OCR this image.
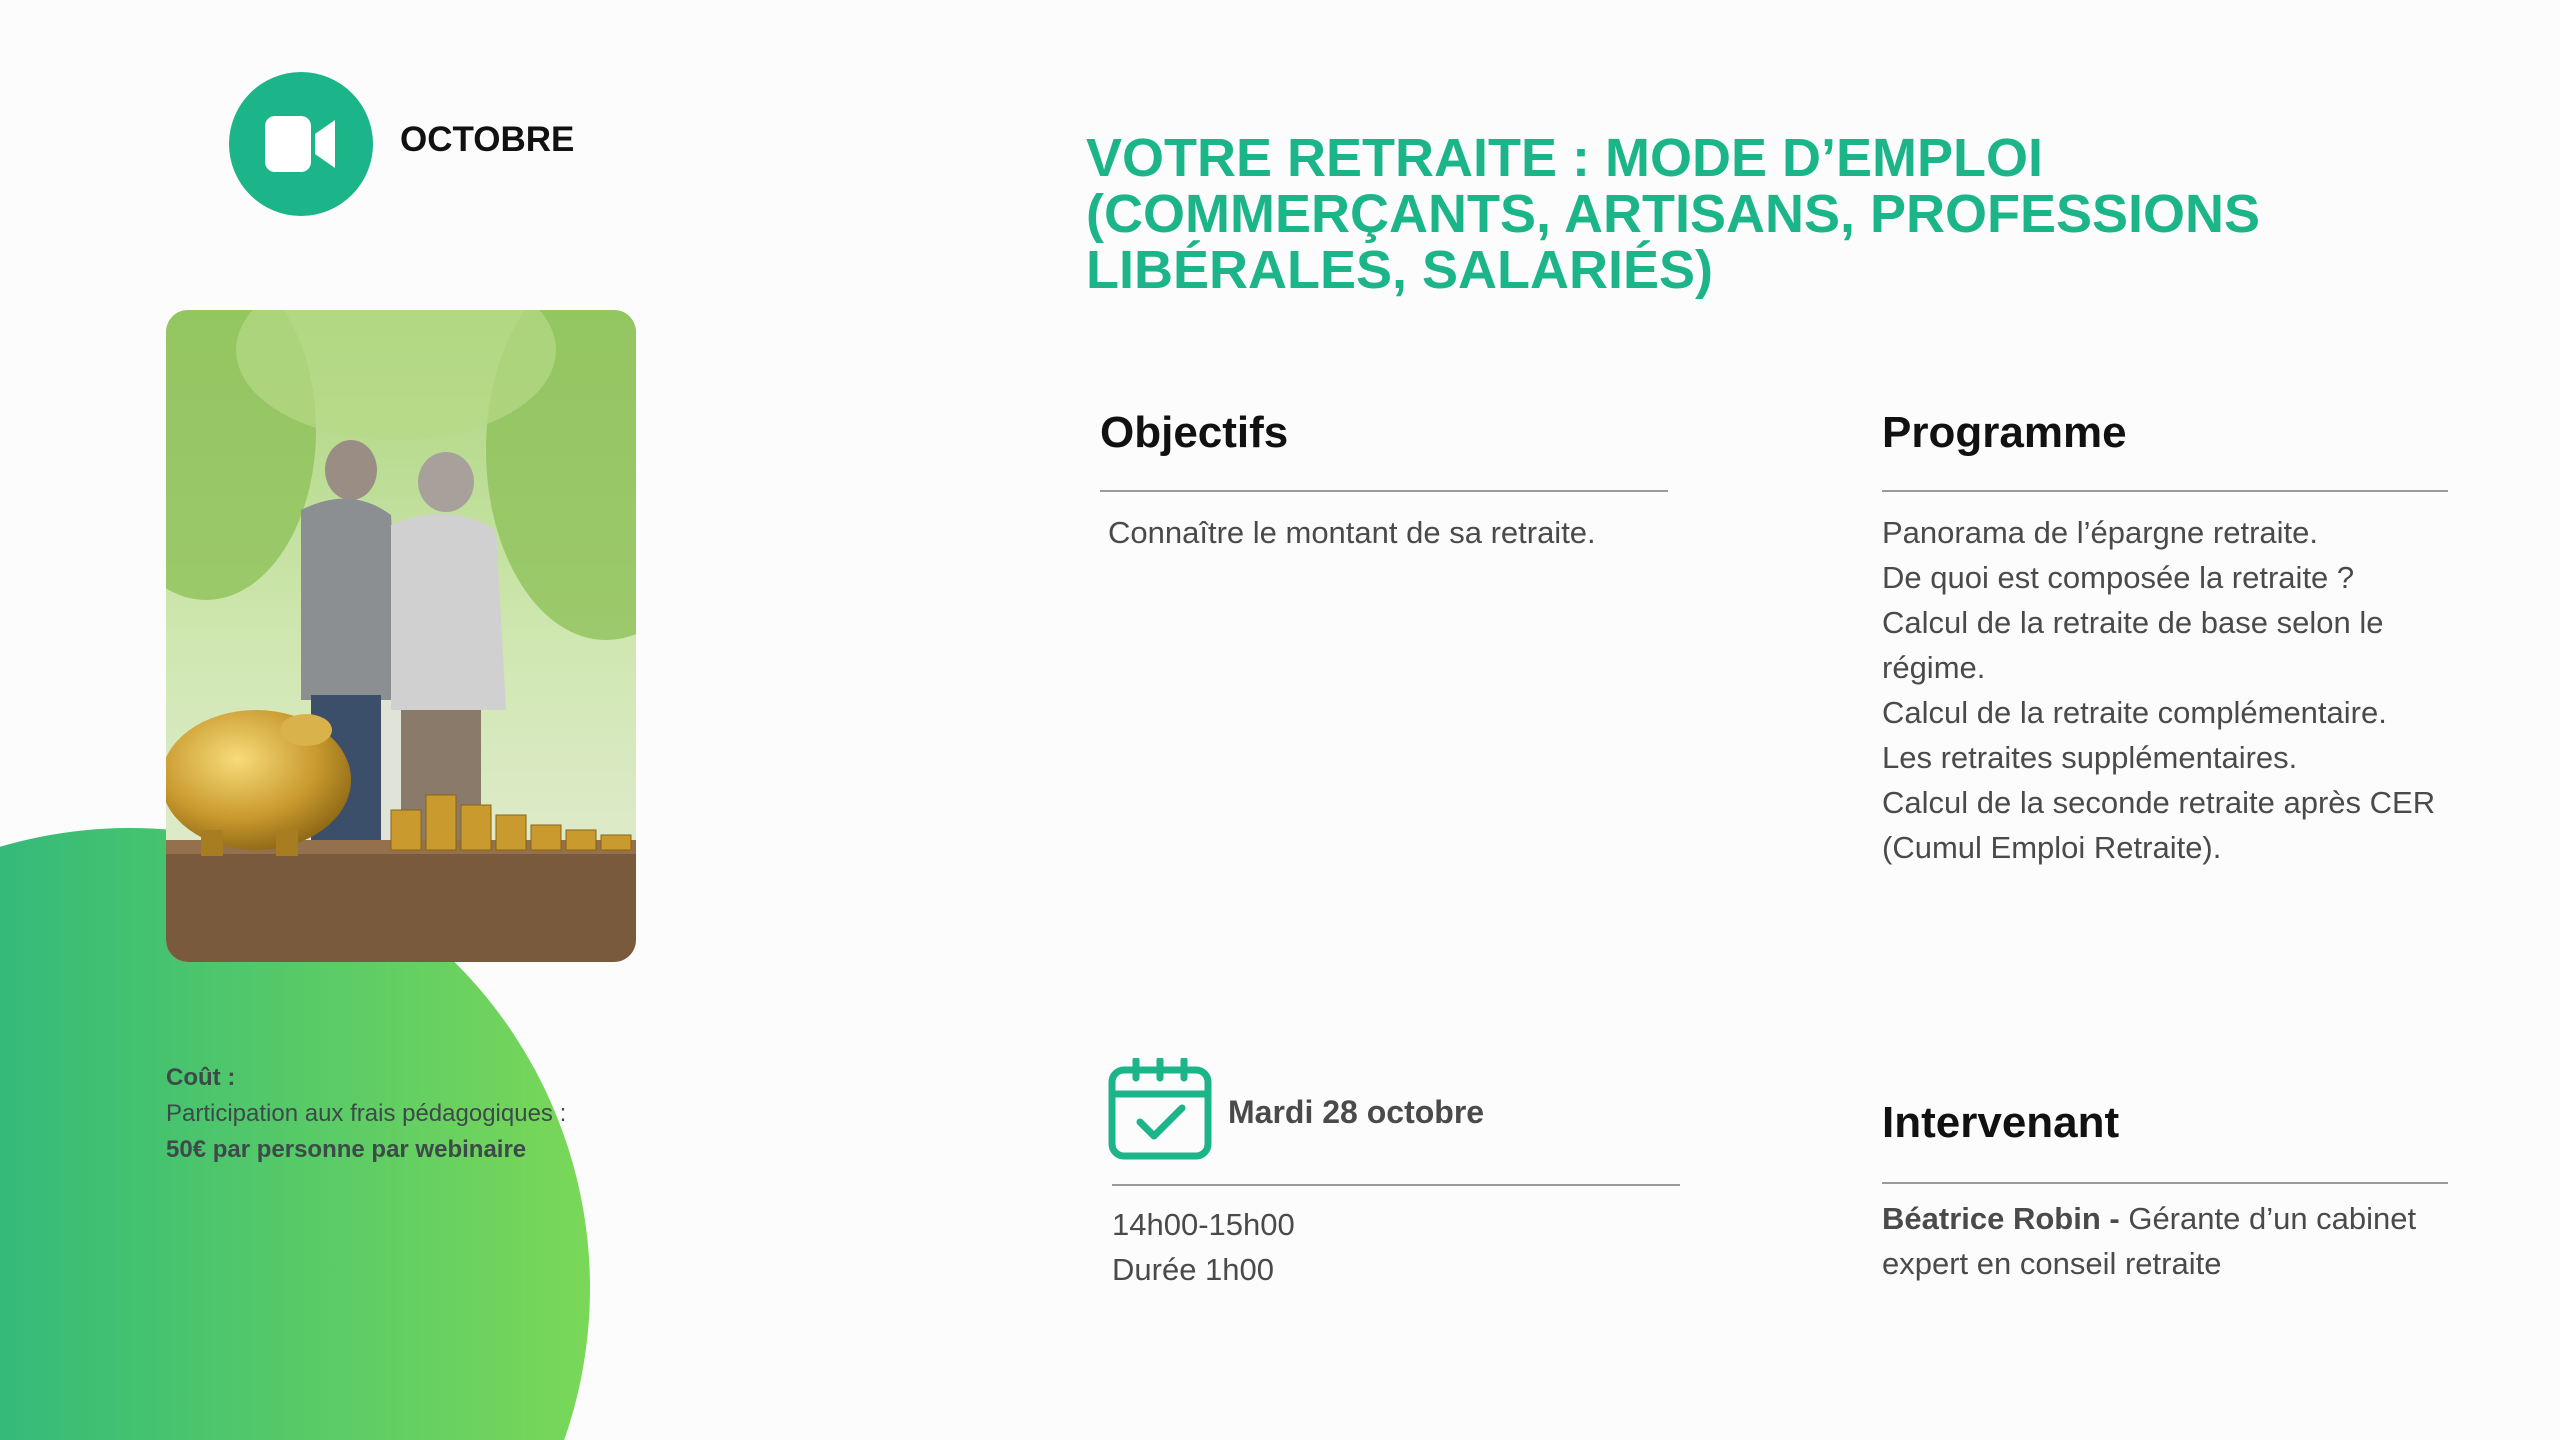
OCTOBRE
Coût :
Participation aux frais pédagogiques :
50€ par personne par webinaire
VOTRE RETRAITE : MODE D’EMPLOI
(COMMERÇANTS, ARTISANS, PROFESSIONS
LIBÉRALES, SALARIÉS)
Objectifs
Connaître le montant de sa retraite.
Programme
Panorama de l’épargne retraite.
De quoi est composée la retraite ?
Calcul de la retraite de base selon le
régime.
Calcul de la retraite complémentaire.
Les retraites supplémentaires.
Calcul de la seconde retraite après CER
(Cumul Emploi Retraite).
Mardi 28 octobre
14h00-15h00
Durée 1h00
Intervenant
Béatrice Robin - Gérante d’un cabinet
expert en conseil retraite
